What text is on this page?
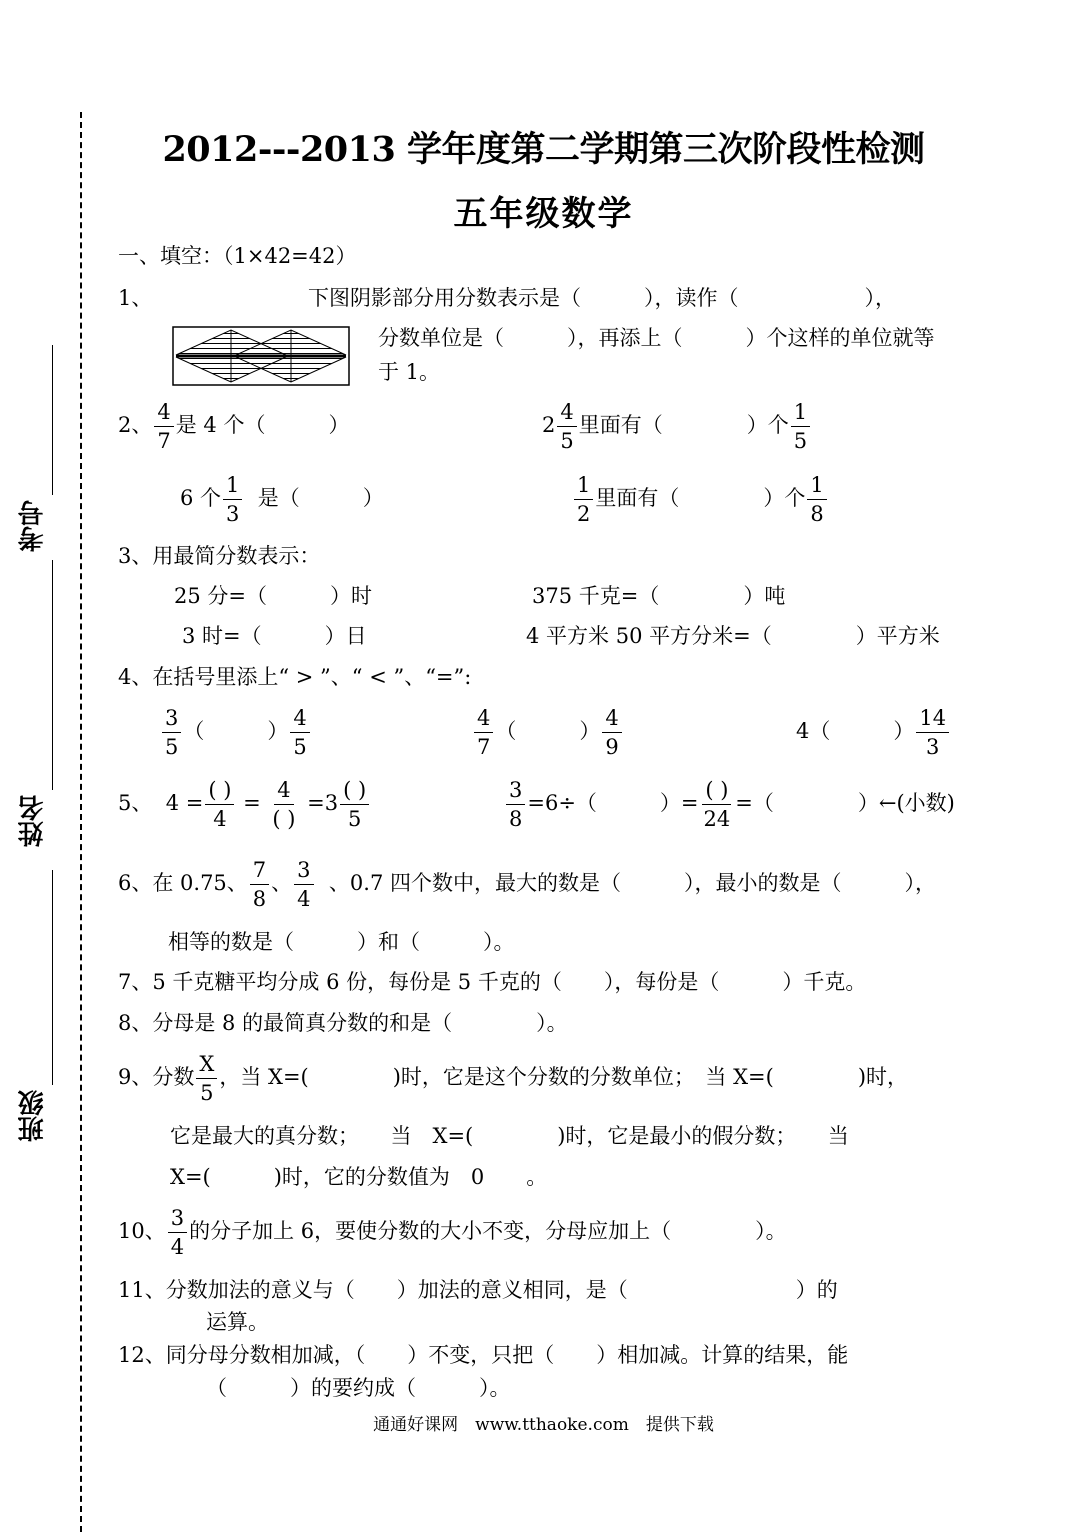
考号
姓名
班级
2012---2013 学年度第二学期第三次阶段性检测
五年级数学
一、填空：（1×42=42）
1、	下图阴影部分用分数表示是（　　　），读作（　　　　　　），
分数单位是（　　　），再添上（　　　）个这样的单位就等
于 1。
2、 $\frac{4}{7}$ 是 4 个（　　　）	$2 \frac{4}{5}$ 里面有（　　　　）个 $\frac{1}{5}$
6 个 $\frac{1}{3}$ 是（　　　）	$\frac{1}{2}$ 里面有（　　　　）个 $\frac{1}{8}$
3、用最简分数表示：
25 分=（　　　）时	375 千克=（　　　　）吨
3 时=（　　　）日	4 平方米 50 平方分米=（　　　　）平方米
4、在括号里添上“ > ”、“ < ”、“=”:
$\frac{3}{5}$ （　　　） $\frac{4}{5}$	$\frac{4}{7}$ （　　　） $\frac{4}{9}$	4（　　　） $\frac{14}{3}$
5、 $4 = \frac{( )}{4} = \frac{4}{( )} =3 \frac{( )}{5}$	$\frac{3}{8} =6\div$（　　　）= $\frac{( )}{24}$ =（　　　　）←(小数)
6、在 0.75、 $\frac{7}{8}$ 、 $\frac{3}{4}$ 、0.7 四个数中，最大的数是（　　　），最小的数是（　　　），
相等的数是（　　　）和（　　　）。
7、5 千克糖平均分成 6 份，每份是 5 千克的（　　），每份是（　　　）千克。
8、分母是 8 的最简真分数的和是（　　　　）。
9、分数 $\frac{X}{5}$ ，当 X=(　　　　)时，它是这个分数的分数单位；　当 X=(　　　　)时，
它是最大的真分数；　　当　X=(　　　　)时，它是最小的假分数；　　当
X=(　　　)时，它的分数值为　0　　。
10、 $\frac{3}{4}$ 的分子加上 6，要使分数的大小不变，分母应加上（　　　　）。
11、分数加法的意义与（　　）加法的意义相同，是（　　　　　　　　）的
运算。
12、同分母分数相加减，（　　）不变，只把（　　）相加减。计算的结果，能
（　　　）的要约成（　　　）。
通通好课网　www.tthaoke.com　提供下载
